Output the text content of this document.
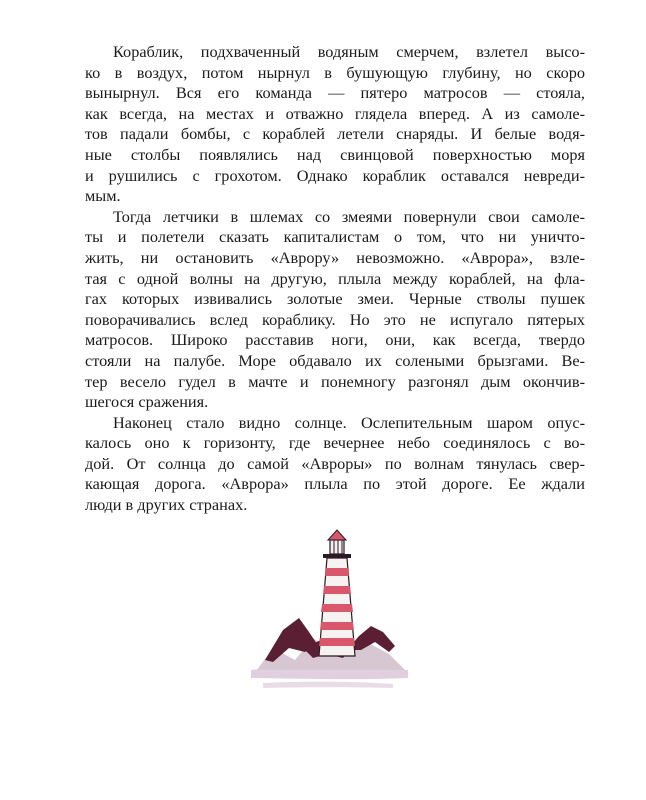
Кораблик, подхваченный водяным смерчем, взлетел высо-
ко в воздух, потом нырнул в бушующую глубину, но скоро
вынырнул. Вся его команда — пятеро матросов — стояла,
как всегда, на местах и отважно глядела вперед. А из самоле-
тов падали бомбы, с кораблей летели снаряды. И белые водя-
ные столбы появлялись над свинцовой поверхностью моря
и рушились с грохотом. Однако кораблик оставался невреди-
мым.

Тогда летчики в шлемах со змеями повернули свои самоле-
ты и полетели сказать капиталистам о том, что ни уничто-
жить, ни остановить «Аврору» невозможно. «Аврора», взле-
тая с одной волны на другую, плыла между кораблей, на фла-
гах которых извивались золотые змеи. Черные стволы пушек
поворачивались вслед кораблику. Но это не испугало пятерых
матросов. Широко расставив ноги, они, как всегда, твердо
стояли на палубе. Море обдавало их солеными брызгами. Ве-
тер весело гудел в мачте и понемногу разгонял дым окончив-
шегося сражения.

Наконец стало видно солнце. Ослепительным шаром опус-
калось оно к горизонту, где вечернее небо соединялось с во-
дой. От солнца до самой «Авроры» по волнам тянулась свер-
кающая дорога. «Аврора» плыла по этой дороге. Ее ждали
люди в других странах.
